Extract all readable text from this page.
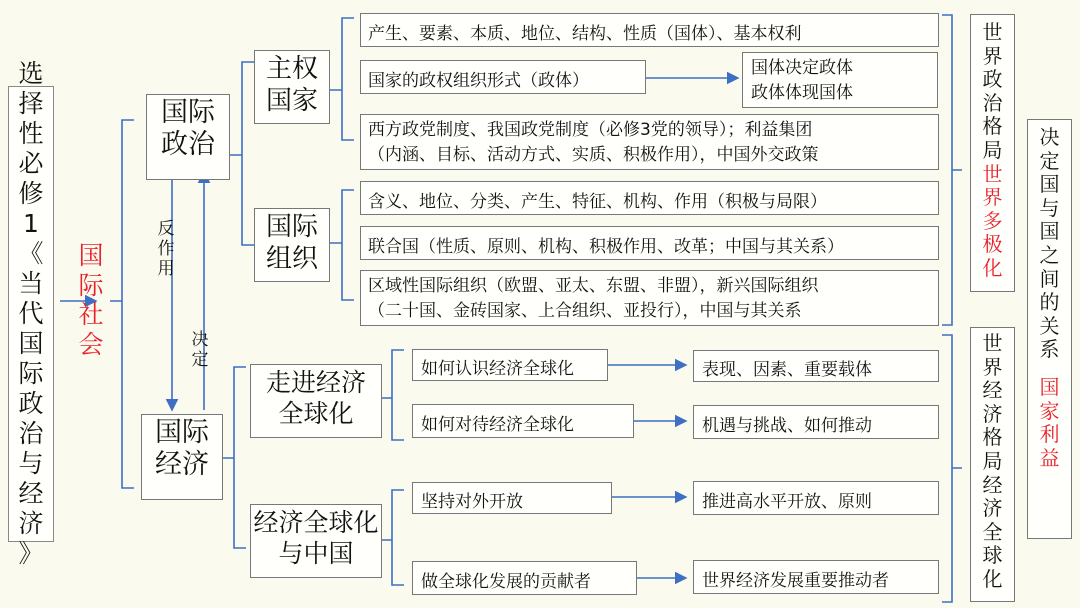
选
择
性
必
修
1
《
当
代
国
际
政
治
与
经
济
》
国
际
社
会
国际
政治
国际
经济
反
作
用
决
定
主权
国家
国际
组织
产生、要素、本质、地位、结构、性质（国体）、基本权利
国家的政权组织形式（政体）
国体决定政体
政体体现国体
西方政党制度、我国政党制度（必修3党的领导）；利益集团
（内涵、目标、活动方式、实质、积极作用），中国外交政策
含义、地位、分类、产生、特征、机构、作用（积极与局限）
联合国（性质、原则、机构、积极作用、改革；中国与其关系）
区域性国际组织（欧盟、亚太、东盟、非盟），新兴国际组织
（二十国、金砖国家、上合组织、亚投行），中国与其关系
走进经济
全球化
经济全球化
与中国
如何认识经济全球化
如何对待经济全球化
坚持对外开放
做全球化发展的贡献者
表现、因素、重要载体
机遇与挑战、如何推动
推进高水平开放、原则
世界经济发展重要推动者
世
界
政
治
格
局
世
界
多
极
化
世
界
经
济
格
局
经
济
全
球
化
决
定
国
与
国
之
间
的
关
系
国
家
利
益
